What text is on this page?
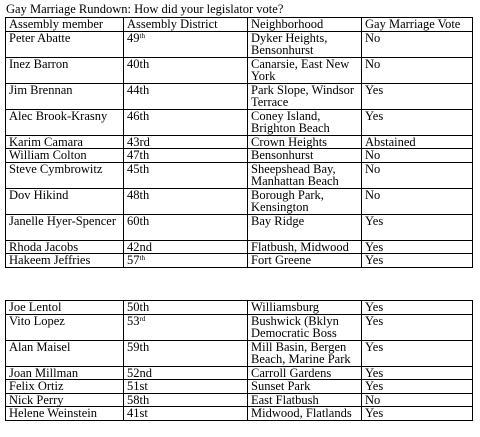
Gay Marriage Rundown: How did your legislator vote?
Assembly member	Assembly District	Neighborhood	Gay Marriage Vote
Peter Abatte	49th	Dyker Heights, Bensonhurst	No
Inez Barron	40th	Canarsie, East New York	No
Jim Brennan	44th	Park Slope, Windsor Terrace	Yes
Alec Brook-Krasny	46th	Coney Island, Brighton Beach	Yes
Karim Camara	43rd	Crown Heights	Abstained
William Colton	47th	Bensonhurst	No
Steve Cymbrowitz	45th	Sheepshead Bay, Manhattan Beach	No
Dov Hikind	48th	Borough Park, Kensington	No
Janelle Hyer-Spencer	60th	Bay Ridge	Yes
Rhoda Jacobs	42nd	Flatbush, Midwood	Yes
Hakeem Jeffries	57th	Fort Greene	Yes
Joe Lentol	50th	Williamsburg	Yes
Vito Lopez	53rd	Bushwick (Bklyn Democratic Boss	Yes
Alan Maisel	59th	Mill Basin, Bergen Beach, Marine Park	Yes
Joan Millman	52nd	Carroll Gardens	Yes
Felix Ortiz	51st	Sunset Park	Yes
Nick Perry	58th	East Flatbush	No
Helene Weinstein	41st	Midwood, Flatlands	Yes
